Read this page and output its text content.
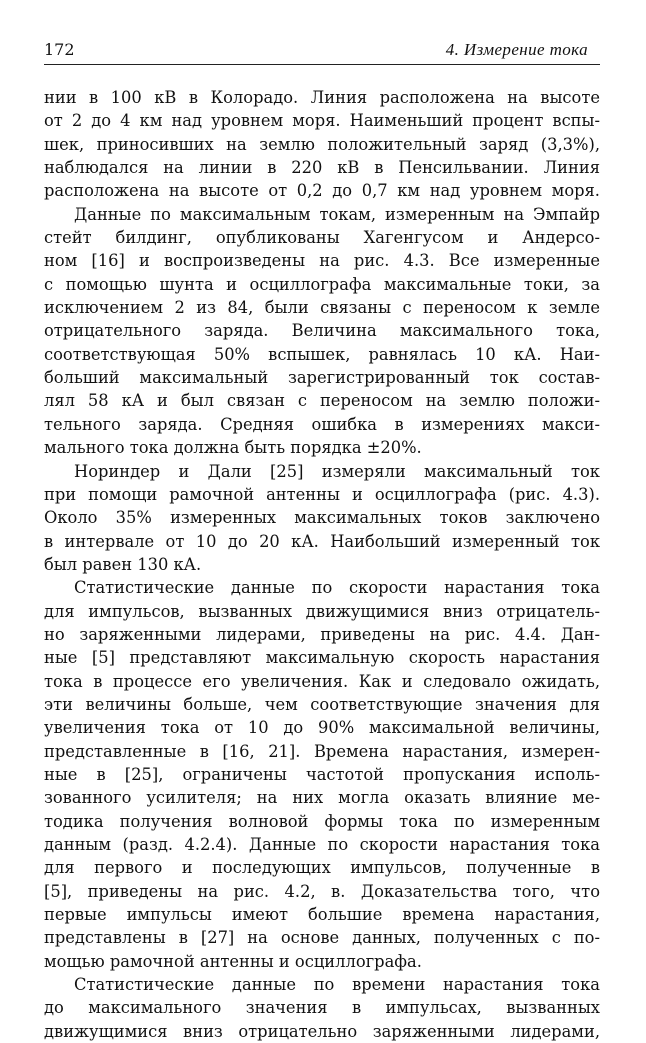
172	4. Измерение тока
нии в 100 кВ в Колорадо. Линия расположена на высоте
от 2 до 4 км над уровнем моря. Наименьший процент вспы-
шек, приносивших на землю положительный заряд (3,3%),
наблюдался на линии в 220 кВ в Пенсильвании. Линия
расположена на высоте от 0,2 до 0,7 км над уровнем моря.
Данные по максимальным токам, измеренным на Эмпайр
стейт билдинг, опубликованы Хагенгусом и Андерсо-
ном [16] и воспроизведены на рис. 4.3. Все измеренные
с помощью шунта и осциллографа максимальные токи, за
исключением 2 из 84, были связаны с переносом к земле
отрицательного заряда. Величина максимального тока,
соответствующая 50% вспышек, равнялась 10 кА. Наи-
больший максимальный зарегистрированный ток состав-
лял 58 кА и был связан с переносом на землю положи-
тельного заряда. Средняя ошибка в измерениях макси-
мального тока должна быть порядка ±20%.
Нориндер и Дали [25] измеряли максимальный ток
при помощи рамочной антенны и осциллографа (рис. 4.3).
Около 35% измеренных максимальных токов заключено
в интервале от 10 до 20 кА. Наибольший измеренный ток
был равен 130 кА.
Статистические данные по скорости нарастания тока
для импульсов, вызванных движущимися вниз отрицатель-
но заряженными лидерами, приведены на рис. 4.4. Дан-
ные [5] представляют максимальную скорость нарастания
тока в процессе его увеличения. Как и следовало ожидать,
эти величины больше, чем соответствующие значения для
увеличения тока от 10 до 90% максимальной величины,
представленные в [16, 21]. Времена нарастания, измерен-
ные в [25], ограничены частотой пропускания исполь-
зованного усилителя; на них могла оказать влияние ме-
тодика получения волновой формы тока по измеренным
данным (разд. 4.2.4). Данные по скорости нарастания тока
для первого и последующих импульсов, полученные в
[5], приведены на рис. 4.2, в. Доказательства того, что
первые импульсы имеют большие времена нарастания,
представлены в [27] на основе данных, полученных с по-
мощью рамочной антенны и осциллографа.
Статистические данные по времени нарастания тока
до максимального значения в импульсах, вызванных
движущимися вниз отрицательно заряженными лидерами,
